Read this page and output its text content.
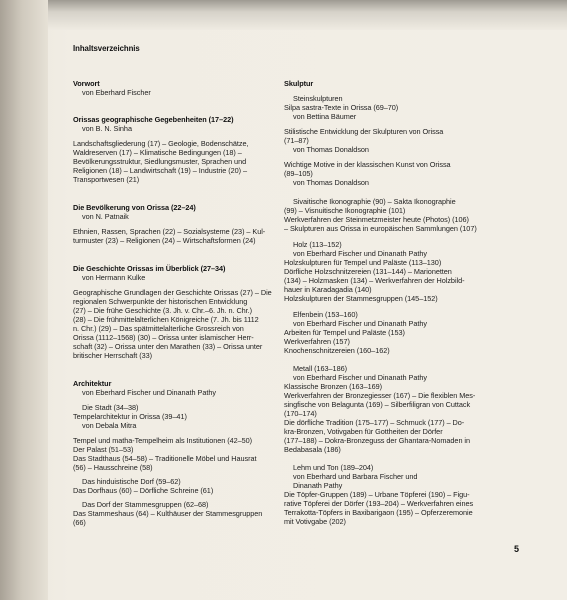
Inhaltsverzeichnis
Vorwort
von Eberhard Fischer
Orissas geographische Gegebenheiten (17–22)
von B. N. Sinha
Landschaftsgliederung (17) – Geologie, Bodenschätze,
Waldreserven (17) – Klimatische Bedingungen (18) –
Bevölkerungsstruktur, Siedlungsmuster, Sprachen und
Religionen (18) – Landwirtschaft (19) – Industrie (20) –
Transportwesen (21)
Die Bevölkerung von Orissa (22–24)
von N. Patnaik
Ethnien, Rassen, Sprachen (22) – Sozialsysteme (23) – Kul-
turmuster (23) – Religionen (24) – Wirtschaftsformen (24)
Die Geschichte Orissas im Überblick (27–34)
von Hermann Kulke
Geographische Grundlagen der Geschichte Orissas (27) – Die
regionalen Schwerpunkte der historischen Entwicklung
(27) – Die frühe Geschichte (3. Jh. v. Chr.–6. Jh. n. Chr.)
(28) – Die frühmittelalterlichen Königreiche (7. Jh. bis 1112
n. Chr.) (29) – Das spätmittelalterliche Grossreich von
Orissa (1112–1568) (30) – Orissa unter islamischer Herr-
schaft (32) – Orissa unter den Marathen (33) – Orissa unter
britischer Herrschaft (33)
Architektur
von Eberhard Fischer und Dinanath Pathy
Die Stadt (34–38)
Tempelarchitektur in Orissa (39–41)
von Debala Mitra
Tempel und matha-Tempelheim als Institutionen (42–50)
Der Palast (51–53)
Das Stadthaus (54–58) – Traditionelle Möbel und Hausrat
(56) – Hausschreine (58)
Das hinduistische Dorf (59–62)
Das Dorfhaus (60) – Dörfliche Schreine (61)
Das Dorf der Stammesgruppen (62–68)
Das Stammeshaus (64) – Kulthäuser der Stammesgruppen
(66)
Skulptur
Steinskulpturen
Silpa sastra-Texte in Orissa (69–70)
von Bettina Bäumer
Stilistische Entwicklung der Skulpturen von Orissa
(71–87)
von Thomas Donaldson
Wichtige Motive in der klassischen Kunst von Orissa
(89–105)
von Thomas Donaldson
Sivaitische Ikonographie (90) – Sakta Ikonographie
(99) – Visnuitische Ikonographie (101)
Werkverfahren der Steinmetzmeister heute (Photos) (106)
– Skulpturen aus Orissa in europäischen Sammlungen (107)
Holz (113–152)
von Eberhard Fischer und Dinanath Pathy
Holzskulpturen für Tempel und Paläste (113–130)
Dörfliche Holzschnitzereien (131–144) – Marionetten
(134) – Holzmasken (134) – Werkverfahren der Holzbild-
hauer in Karadagadia (140)
Holzskulpturen der Stammesgruppen (145–152)
Elfenbein (153–160)
von Eberhard Fischer und Dinanath Pathy
Arbeiten für Tempel und Paläste (153)
Werkverfahren (157)
Knochenschnitzereien (160–162)
Metall (163–186)
von Eberhard Fischer und Dinanath Pathy
Klassische Bronzen (163–169)
Werkverfahren der Bronzegiesser (167) – Die flexiblen Mes-
singfische von Belagunta (169) – Silberfiligran von Cuttack
(170–174)
Die dörfliche Tradition (175–177) – Schmuck (177) – Do-
kra-Bronzen, Votivgaben für Gottheiten der Dörfer
(177–188) – Dokra-Bronzeguss der Ghantara-Nomaden in
Bedabasala (186)
Lehm und Ton (189–204)
von Eberhard und Barbara Fischer und
Dinanath Pathy
Die Töpfer-Gruppen (189) – Urbane Töpferei (190) – Figu-
rative Töpferei der Dörfer (193–204) – Werkverfahren eines
Terrakotta-Töpfers in Baxibarigaon (195) – Opferzeremonie
mit Votivgabe (202)
5
